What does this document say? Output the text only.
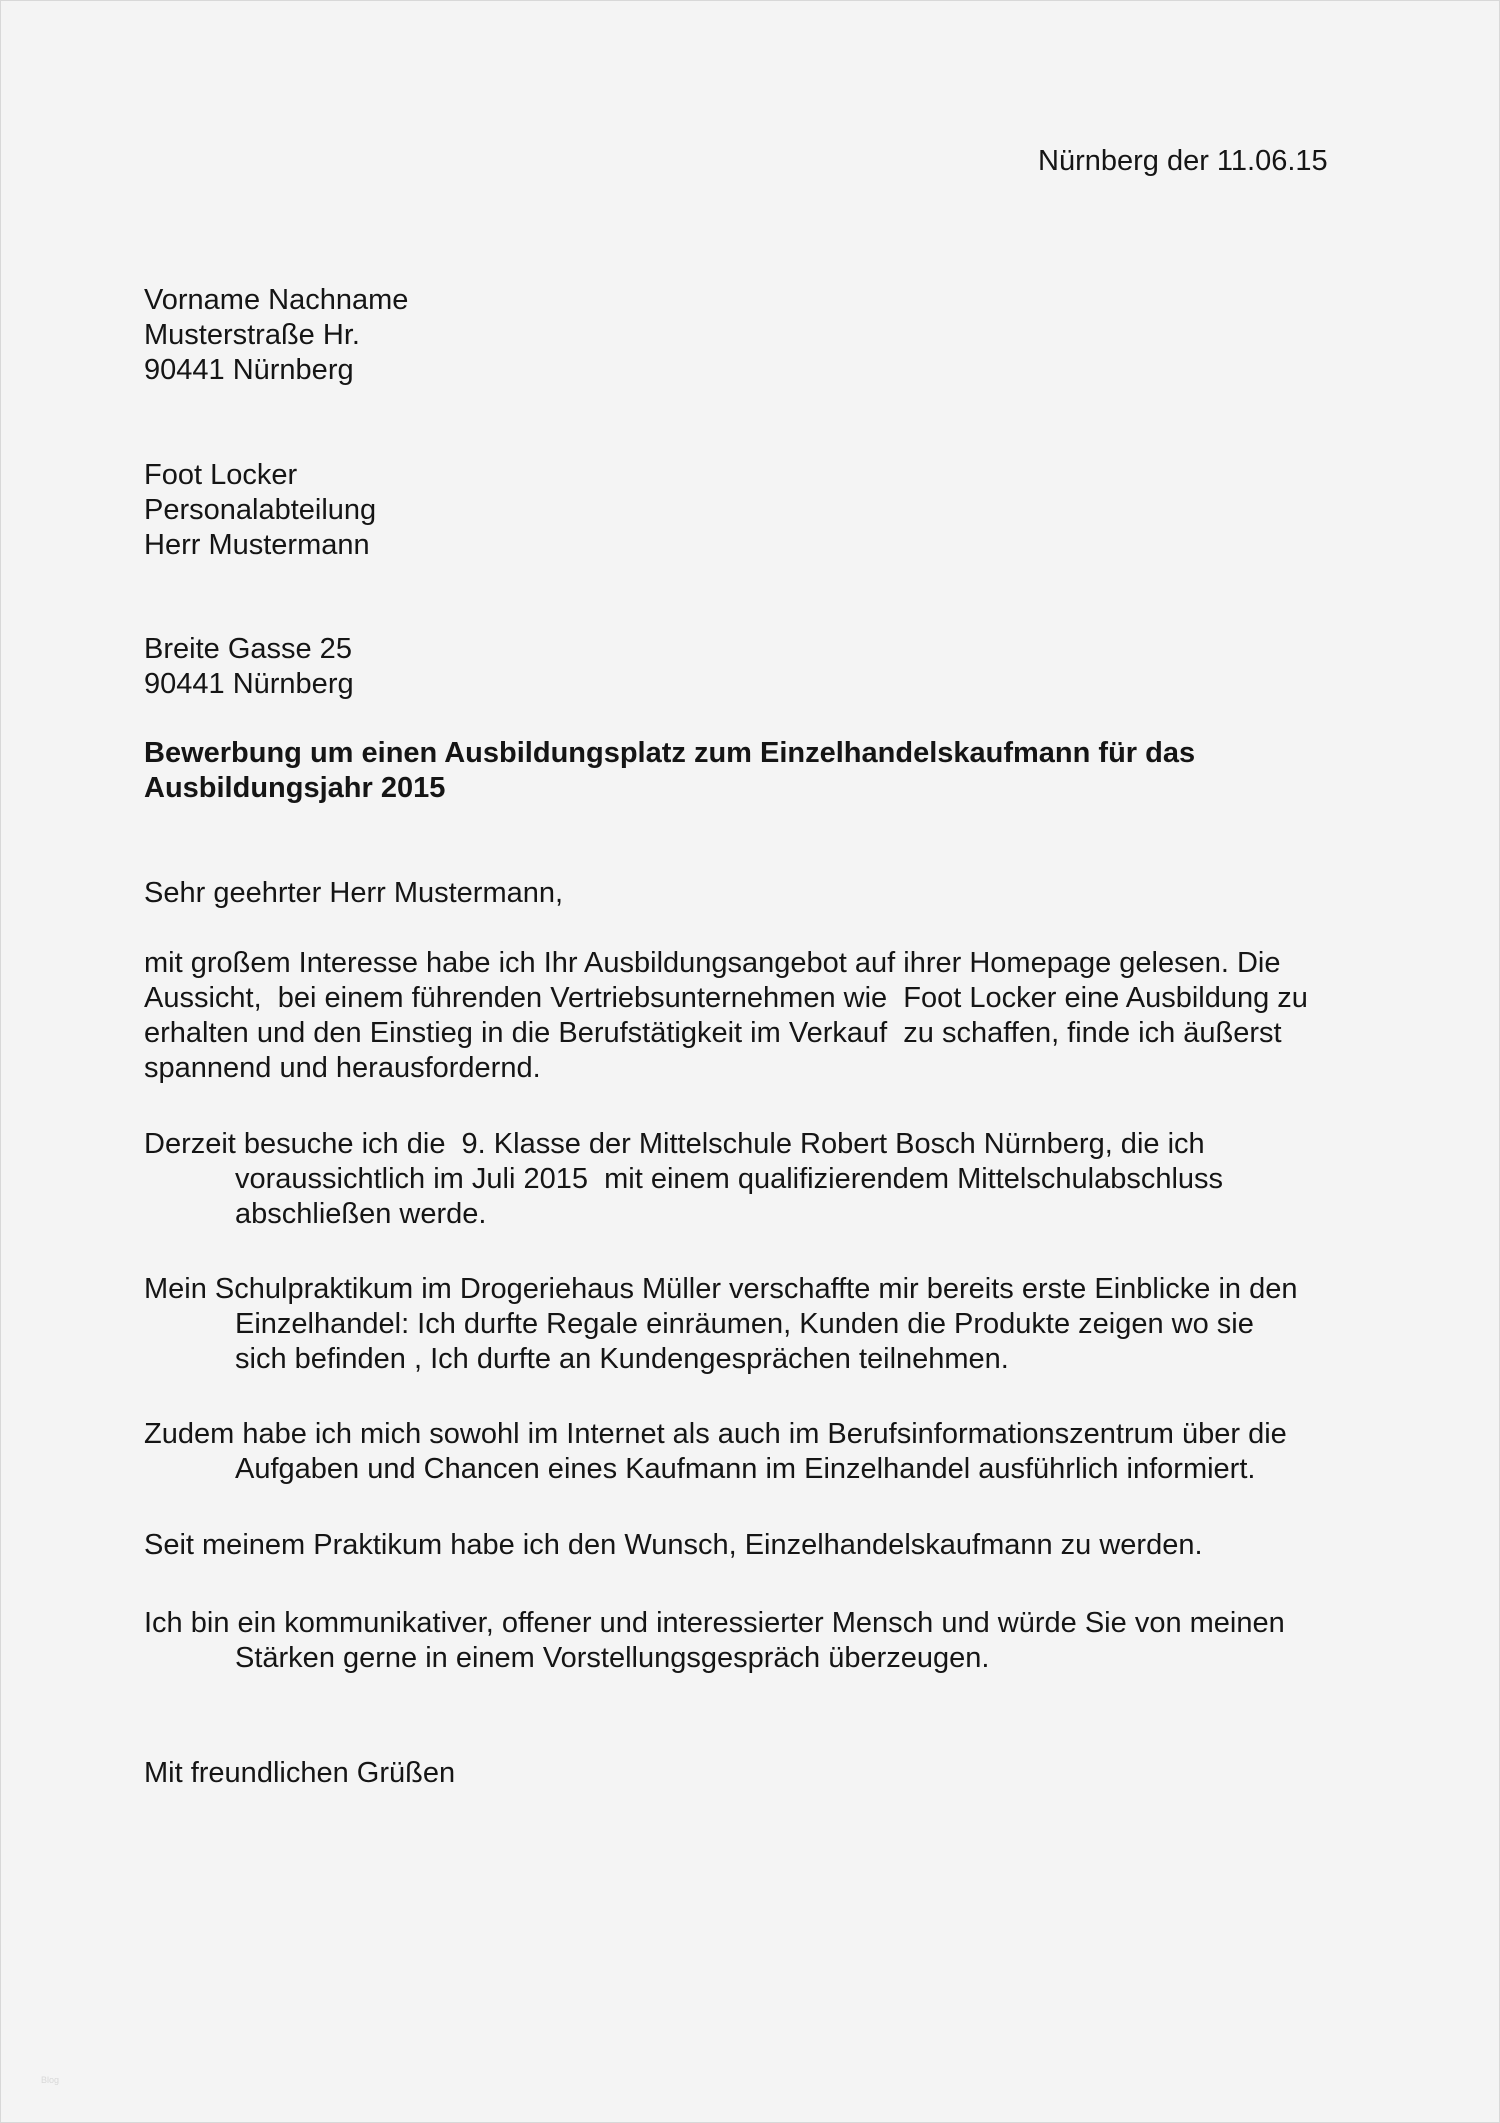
Nürnberg der 11.06.15
Vorname Nachname
Musterstraße Hr.
90441 Nürnberg
Foot Locker
Personalabteilung
Herr Mustermann
Breite Gasse 25
90441 Nürnberg
Bewerbung um einen Ausbildungsplatz zum Einzelhandelskaufmann für das
Ausbildungsjahr 2015
Sehr geehrter Herr Mustermann,
mit großem Interesse habe ich Ihr Ausbildungsangebot auf ihrer Homepage gelesen. Die
Aussicht,  bei einem führenden Vertriebsunternehmen wie  Foot Locker eine Ausbildung zu
erhalten und den Einstieg in die Berufstätigkeit im Verkauf  zu schaffen, finde ich äußerst
spannend und herausfordernd.
Derzeit besuche ich die  9. Klasse der Mittelschule Robert Bosch Nürnberg, die ich
voraussichtlich im Juli 2015  mit einem qualifizierendem Mittelschulabschluss
abschließen werde.
Mein Schulpraktikum im Drogeriehaus Müller verschaffte mir bereits erste Einblicke in den
Einzelhandel: Ich durfte Regale einräumen, Kunden die Produkte zeigen wo sie
sich befinden , Ich durfte an Kundengesprächen teilnehmen.
Zudem habe ich mich sowohl im Internet als auch im Berufsinformationszentrum über die
Aufgaben und Chancen eines Kaufmann im Einzelhandel ausführlich informiert.
Seit meinem Praktikum habe ich den Wunsch, Einzelhandelskaufmann zu werden.
Ich bin ein kommunikativer, offener und interessierter Mensch und würde Sie von meinen
Stärken gerne in einem Vorstellungsgespräch überzeugen.
Mit freundlichen Grüßen
Blog
